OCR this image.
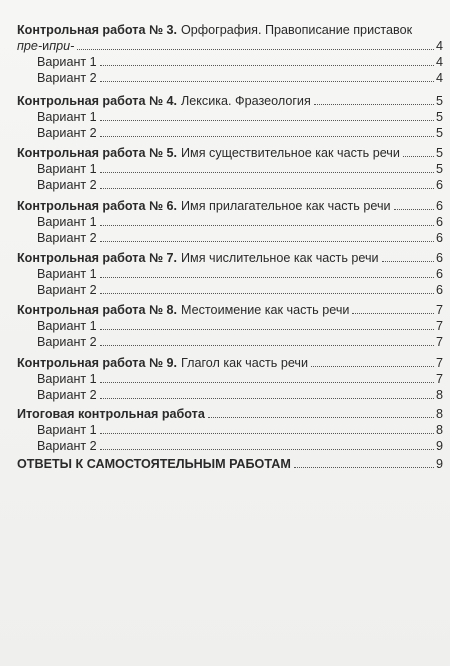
Контрольная работа № 3. Орфография. Правописание приставок
пре- и при-	4
Вариант 1	4
Вариант 2	4
Контрольная работа № 4. Лексика. Фразеология	5
Вариант 1	5
Вариант 2	5
Контрольная работа № 5. Имя существительное как часть речи	5
Вариант 1	5
Вариант 2	6
Контрольная работа № 6. Имя прилагательное как часть речи	6
Вариант 1	6
Вариант 2	6
Контрольная работа № 7. Имя числительное как часть речи	6
Вариант 1	6
Вариант 2	6
Контрольная работа № 8. Местоимение как часть речи	7
Вариант 1	7
Вариант 2	7
Контрольная работа № 9. Глагол как часть речи	7
Вариант 1	7
Вариант 2	8
Итоговая контрольная работа	8
Вариант 1	8
Вариант 2	9
ОТВЕТЫ К САМОСТОЯТЕЛЬНЫМ РАБОТАМ	9
